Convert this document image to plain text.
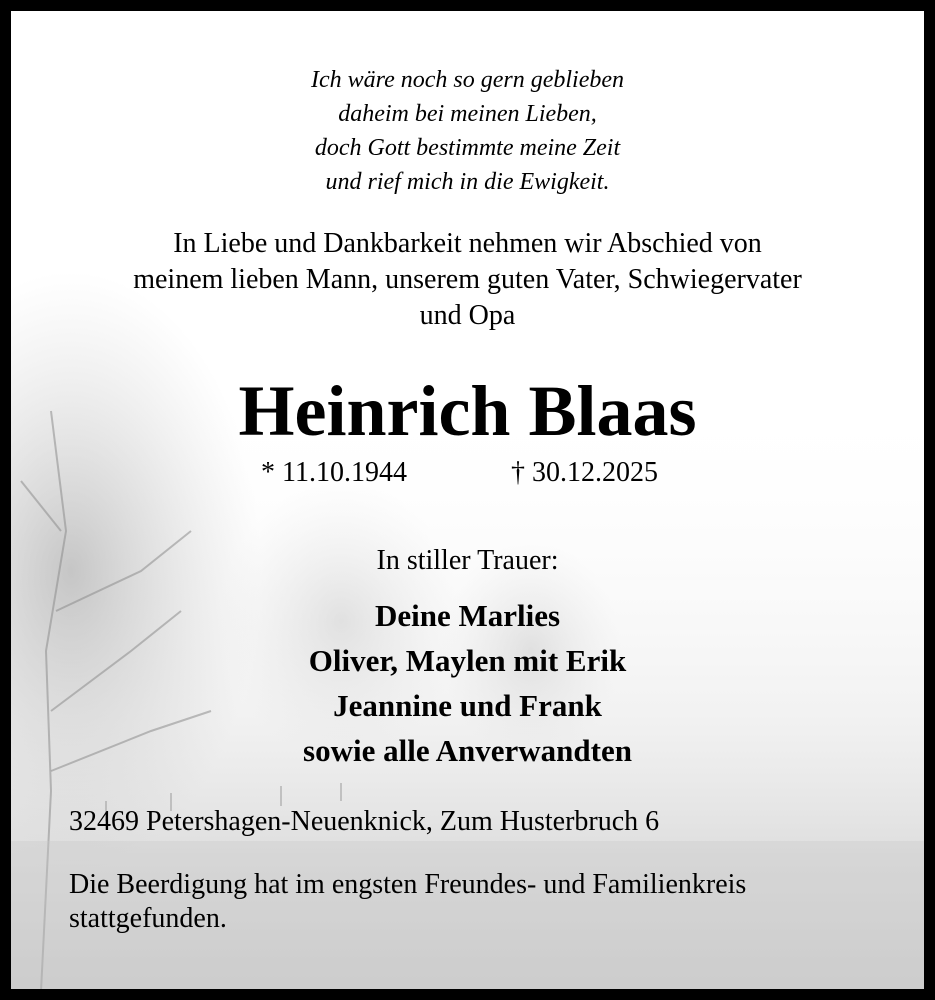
Ich wäre noch so gern geblieben
daheim bei meinen Lieben,
doch Gott bestimmte meine Zeit
und rief mich in die Ewigkeit.
In Liebe und Dankbarkeit nehmen wir Abschied von
meinem lieben Mann, unserem guten Vater, Schwiegervater
und Opa
Heinrich Blaas
* 11.10.1944	† 30.12.2025
In stiller Trauer:
Deine Marlies
Oliver, Maylen mit Erik
Jeannine und Frank
sowie alle Anverwandten
32469 Petershagen-Neuenknick, Zum Husterbruch 6
Die Beerdigung hat im engsten Freundes- und Familienkreis
stattgefunden.
